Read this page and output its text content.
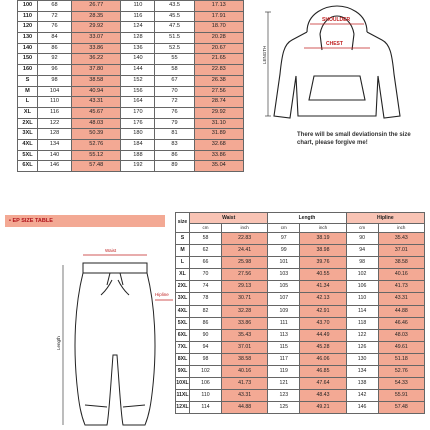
100	68	26.77	110	43.5	17.13
110	72	28.35	116	45.5	17.91
120	76	29.92	124	47.5	18.70
130	84	33.07	128	51.5	20.28
140	86	33.86	136	52.5	20.67
150	92	36.22	140	55	21.65
160	96	37.80	144	58	22.83
S	98	38.58	152	67	26.38
M	104	40.94	156	70	27.56
L	110	43.31	164	72	28.74
XL	116	45.67	170	76	29.92
2XL	122	48.03	176	79	31.10
3XL	128	50.39	180	81	31.89
4XL	134	52.76	184	83	32.68
5XL	140	55.12	188	86	33.86
6XL	146	57.48	192	89	35.04
SHOULDER
CHEST
LENGTH
There will be small deviationsin the size chart, please forgive me!
• EP SIZE TABLE
Waist
Hipline
Length
size	Waist		Length		Hipline	
	cm	inch	cm	inch	cm	inch
S	58	22.83	97	38.19	90	35.43
M	62	24.41	99	38.98	94	37.01
L	66	25.98	101	39.76	98	38.58
XL	70	27.56	103	40.55	102	40.16
2XL	74	29.13	105	41.34	106	41.73
3XL	78	30.71	107	42.13	110	43.31
4XL	82	32.28	109	42.91	114	44.88
5XL	86	33.86	111	43.70	118	46.46
6XL	90	35.43	113	44.49	122	48.03
7XL	94	37.01	115	45.28	126	49.61
8XL	98	38.58	117	46.06	130	51.18
9XL	102	40.16	119	46.85	134	52.76
10XL	106	41.73	121	47.64	138	54.33
11XL	110	43.31	123	48.43	142	55.91
12XL	114	44.88	125	49.21	146	57.48
